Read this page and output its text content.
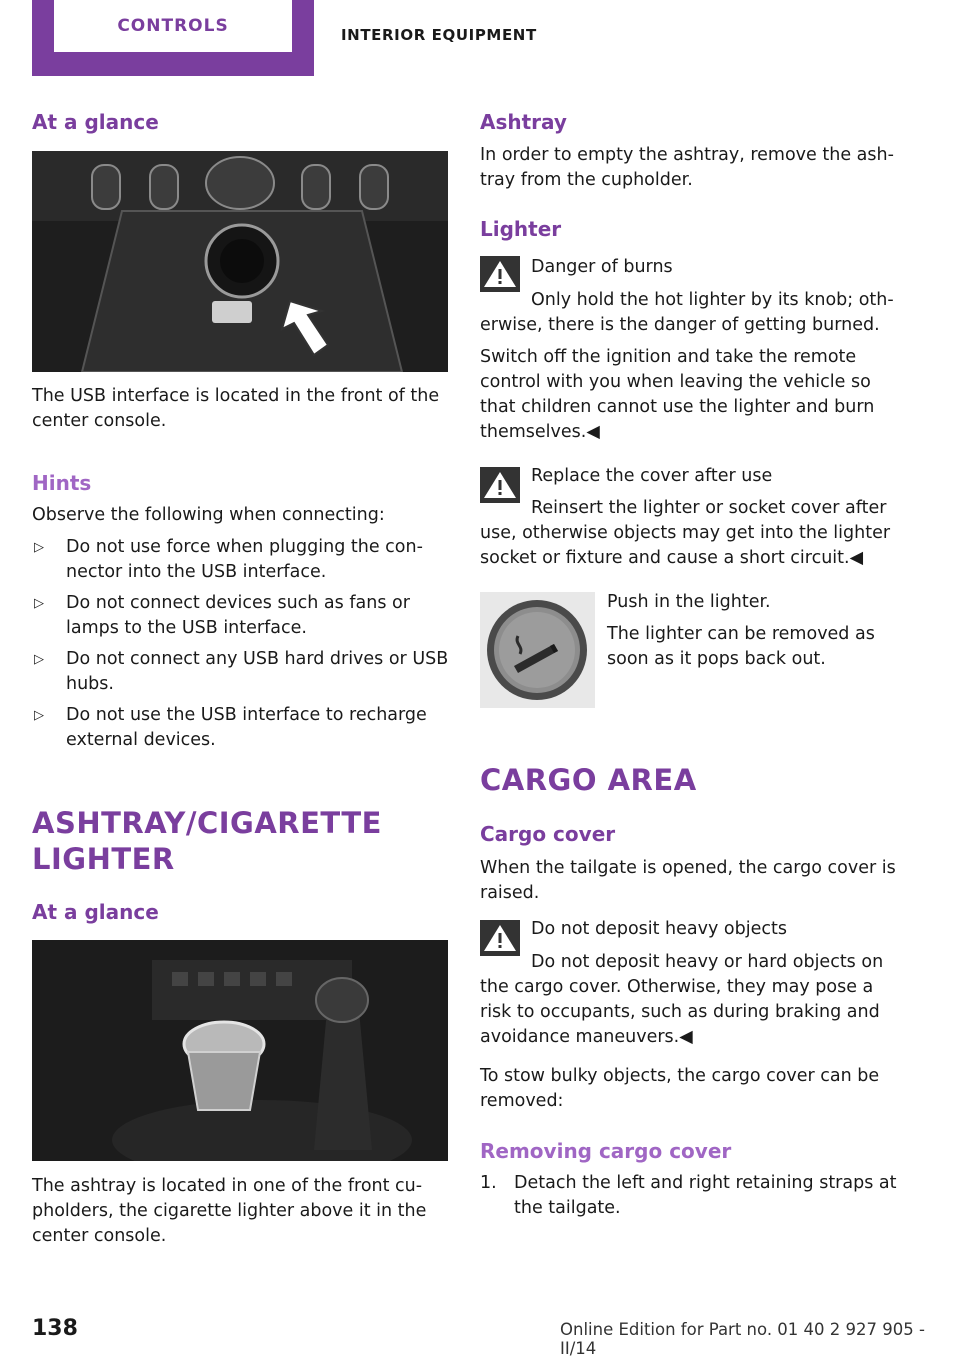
CONTROLS	INTERIOR EQUIPMENT
At a glance
The USB interface is located in the front of the center console.
Hints
Observe the following when connecting:
▷ Do not use force when plugging the con‐ nector into the USB interface.
▷ Do not connect devices such as fans or lamps to the USB interface.
▷ Do not connect any USB hard drives or USB hubs.
▷ Do not use the USB interface to recharge external devices.
ASHTRAY/CIGARETTE
LIGHTER
At a glance
The ashtray is located in one of the front cu‐ pholders, the cigarette lighter above it in the center console.
Ashtray
In order to empty the ashtray, remove the ash‐ tray from the cupholder.
Lighter
Danger of burns
Only hold the hot lighter by its knob; oth‐ erwise, there is the danger of getting burned.
Switch off the ignition and take the remote control with you when leaving the vehicle so that children cannot use the lighter and burn themselves.◀
Replace the cover after use
Reinsert the lighter or socket cover after use, otherwise objects may get into the lighter socket or fixture and cause a short circuit.◀
Push in the lighter.
The lighter can be removed as soon as it pops back out.
CARGO AREA
Cargo cover
When the tailgate is opened, the cargo cover is raised.
Do not deposit heavy objects
Do not deposit heavy or hard objects on the cargo cover. Otherwise, they may pose a risk to occupants, such as during braking and avoidance maneuvers.◀
To stow bulky objects, the cargo cover can be removed:
Removing cargo cover
1. Detach the left and right retaining straps at the tailgate.
138	Online Edition for Part no. 01 40 2 927 905 - II/14
